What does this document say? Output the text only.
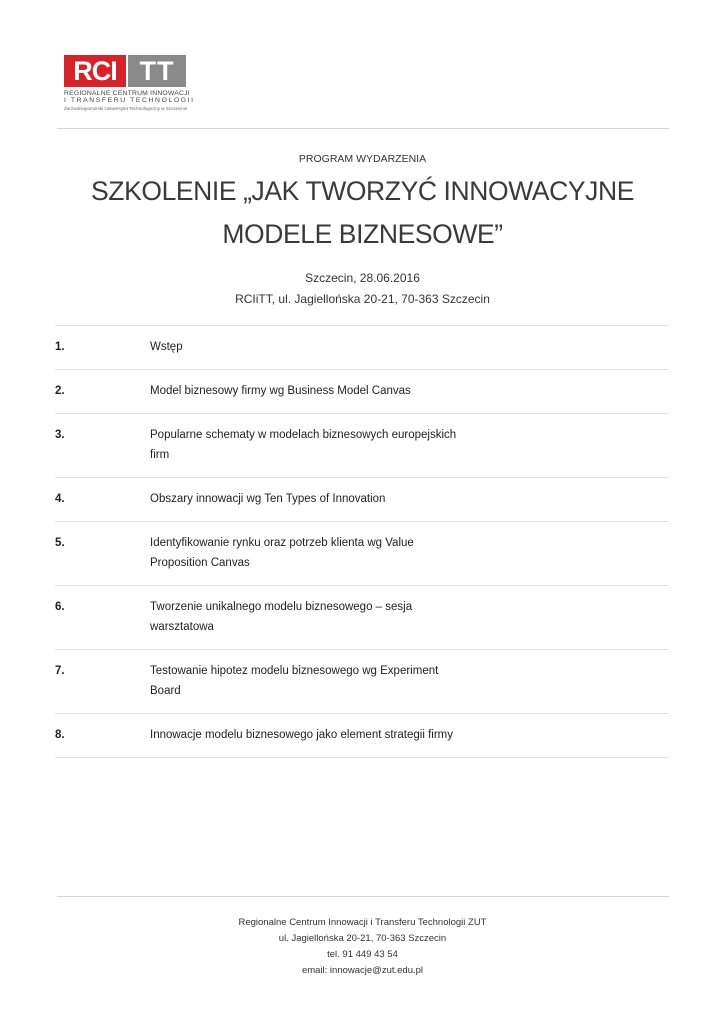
RCI TT
REGIONALNE CENTRUM INNOWACJI
I TRANSFERU TECHNOLOGII
Zachodniopomorski Uniwersytet Technologiczny w Szczecinie
PROGRAM WYDARZENIA
SZKOLENIE „JAK TWORZYĆ INNOWACYJNE MODELE BIZNESOWE”
Szczecin, 28.06.2016
RCIiTT, ul. Jagiellońska 20-21, 70-363 Szczecin
1.	Wstęp
2.	Model biznesowy firmy wg Business Model Canvas
3.	Popularne schematy w modelach biznesowych europejskich firm
4.	Obszary innowacji wg Ten Types of Innovation
5.	Identyfikowanie rynku oraz potrzeb klienta wg Value Proposition Canvas
6.	Tworzenie unikalnego modelu biznesowego – sesja warsztatowa
7.	Testowanie hipotez modelu biznesowego wg Experiment Board
8.	Innowacje modelu biznesowego jako element strategii firmy
Regionalne Centrum Innowacji i Transferu Technologii ZUT
ul. Jagiellońska 20-21, 70-363 Szczecin
tel. 91 449 43 54
email: innowacje@zut.edu.pl
